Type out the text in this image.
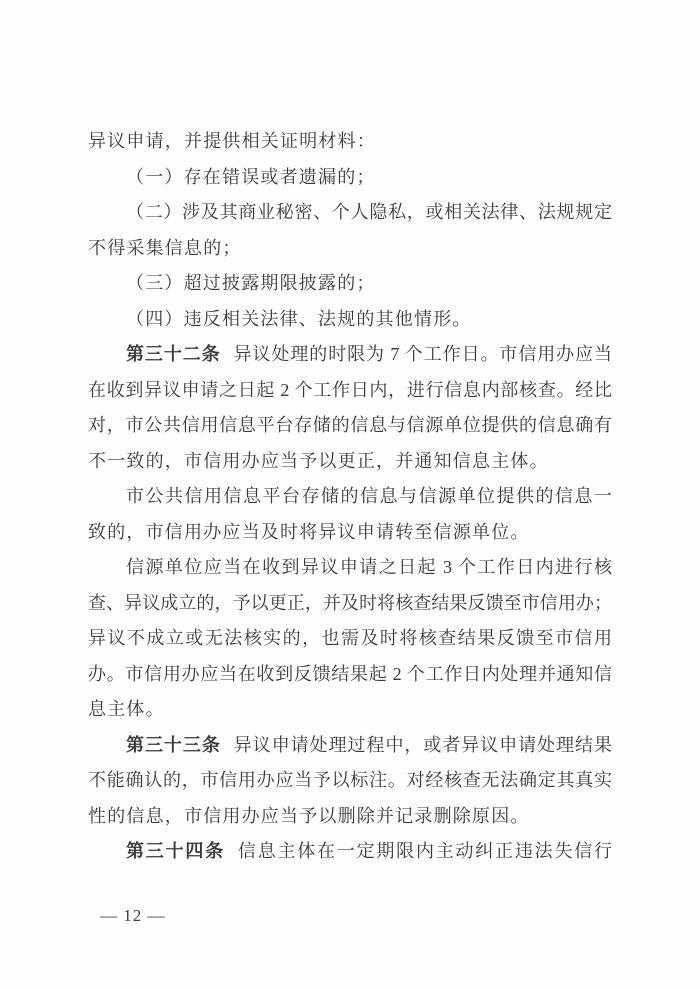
异议申请，并提供相关证明材料：
（一）存在错误或者遗漏的；
（二）涉及其商业秘密、个人隐私，或相关法律、法规规定
不得采集信息的；
（三）超过披露期限披露的；
（四）违反相关法律、法规的其他情形。
第三十二条 异议处理的时限为 7 个工作日。市信用办应当
在收到异议申请之日起 2 个工作日内，进行信息内部核查。经比
对，市公共信用信息平台存储的信息与信源单位提供的信息确有
不一致的，市信用办应当予以更正，并通知信息主体。
市公共信用信息平台存储的信息与信源单位提供的信息一
致的，市信用办应当及时将异议申请转至信源单位。
信源单位应当在收到异议申请之日起 3 个工作日内进行核
查、异议成立的，予以更正，并及时将核查结果反馈至市信用办；
异议不成立或无法核实的，也需及时将核查结果反馈至市信用
办。市信用办应当在收到反馈结果起 2 个工作日内处理并通知信
息主体。
第三十三条 异议申请处理过程中，或者异议申请处理结果
不能确认的，市信用办应当予以标注。对经核查无法确定其真实
性的信息，市信用办应当予以删除并记录删除原因。
第三十四条 信息主体在一定期限内主动纠正违法失信行
— 12 —
